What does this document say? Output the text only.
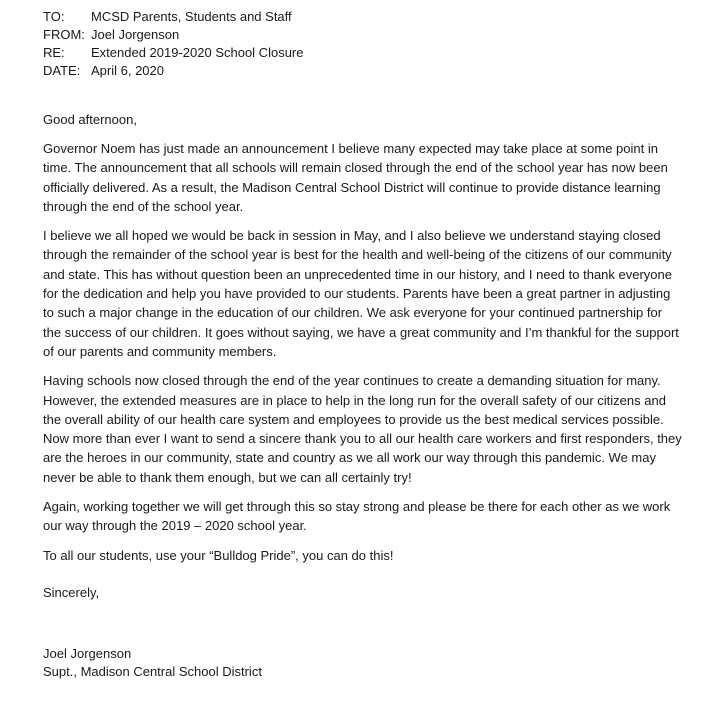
TO:	MCSD Parents, Students and Staff
FROM: Joel Jorgenson
RE:	Extended 2019-2020 School Closure
DATE: April 6, 2020
Good afternoon,
Governor Noem has just made an announcement I believe many expected may take place at some point in time. The announcement that all schools will remain closed through the end of the school year has now been officially delivered. As a result, the Madison Central School District will continue to provide distance learning through the end of the school year.
I believe we all hoped we would be back in session in May, and I also believe we understand staying closed through the remainder of the school year is best for the health and well-being of the citizens of our community and state. This has without question been an unprecedented time in our history, and I need to thank everyone for the dedication and help you have provided to our students. Parents have been a great partner in adjusting to such a major change in the education of our children. We ask everyone for your continued partnership for the success of our children. It goes without saying, we have a great community and I’m thankful for the support of our parents and community members.
Having schools now closed through the end of the year continues to create a demanding situation for many. However, the extended measures are in place to help in the long run for the overall safety of our citizens and the overall ability of our health care system and employees to provide us the best medical services possible. Now more than ever I want to send a sincere thank you to all our health care workers and first responders, they are the heroes in our community, state and country as we all work our way through this pandemic. We may never be able to thank them enough, but we can all certainly try!
Again, working together we will get through this so stay strong and please be there for each other as we work our way through the 2019 – 2020 school year.
To all our students, use your “Bulldog Pride”, you can do this!
Sincerely,
Joel Jorgenson
Supt., Madison Central School District
